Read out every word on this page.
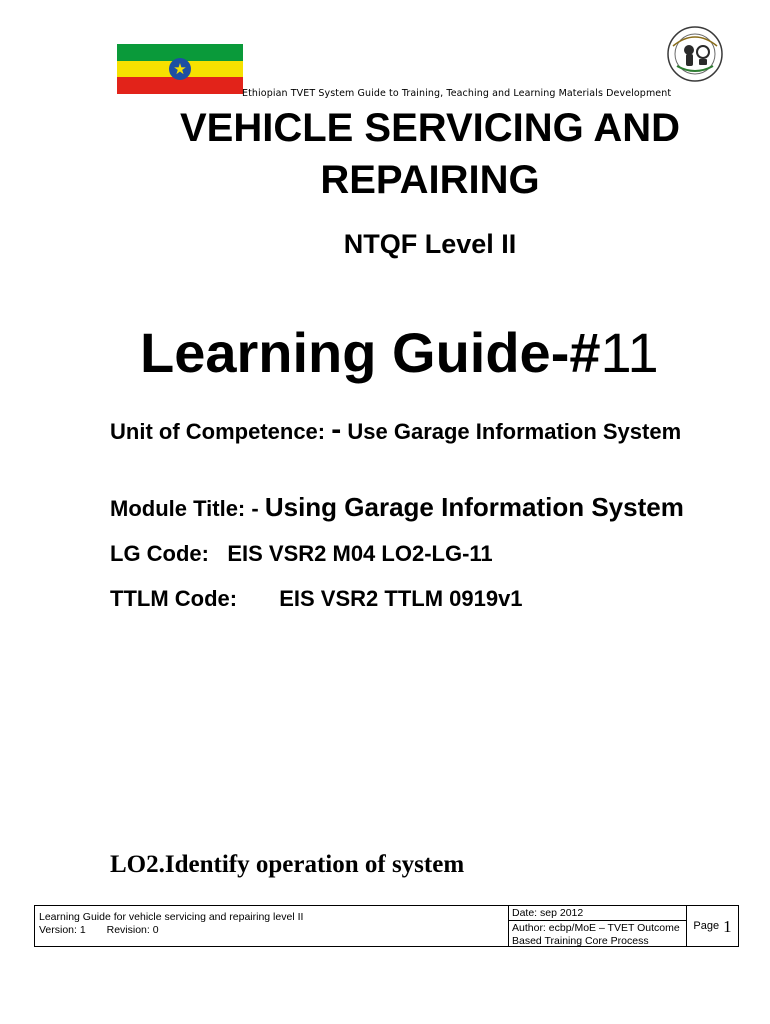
★
Ethiopian TVET System Guide to Training, Teaching and Learning Materials Development
VEHICLE SERVICING AND
REPAIRING
NTQF Level II
Learning Guide-#11
Unit of Competence: - Use Garage Information System
Module Title: - Using Garage Information System
LG Code: EIS VSR2 M04 LO2-LG-11
TTLM Code: EIS VSR2 TTLM 0919v1
LO2.Identify operation of system
Learning Guide for vehicle servicing and repairing level II
Version: 1 Revision: 0
Date: sep 2012
Author: ecbp/MoE – TVET Outcome
Based Training Core Process
Page 1
